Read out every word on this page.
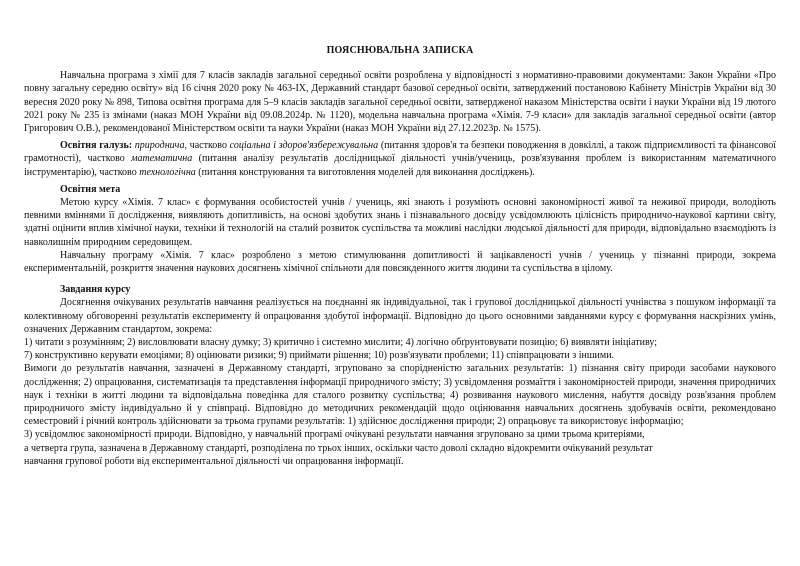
ПОЯСНЮВАЛЬНА ЗАПИСКА

Навчальна програма з хімії для 7 класів закладів загальної середньої освіти розроблена у відповідності з нормативно-правовими документами: Закон України «Про повну загальну середню освіту» від 16 січня 2020 року № 463-IX, Державний стандарт базової середньої освіти, затверджений постановою Кабінету Міністрів України від 30 вересня 2020 року № 898, Типова освітня програма для 5–9 класів закладів загальної середньої освіти, затвердженої наказом Міністерства освіти і науки України від 19 лютого 2021 року № 235 із змінами (наказ МОН України від 09.08.2024р. № 1120), модельна навчальна програма «Хімія. 7-9 класи» для закладів загальної середньої освіти (автор Григорович О.В.), рекомендованої Міністерством освіти та науки України (наказ МОН України від 27.12.2023р. № 1575).

Освітня галузь: природнича, частково соціальна і здоров'язбережувальна (питання здоров'я та безпеки поводження в довкіллі, а також підприємливості та фінансової грамотності), частково математична (питання аналізу результатів дослідницької діяльності учнів/учениць, розв'язування проблем із використанням математичного інструментарію), частково технологічна (питання конструювання та виготовлення моделей для виконання досліджень).

Освітня мета

Метою курсу «Хімія. 7 клас» є формування особистостей учнів / учениць, які знають і розуміють основні закономірності живої та неживої природи, володіють певними вміннями її дослідження, виявляють допитливість, на основі здобутих знань і пізнавального досвіду усвідомлюють цілісність природничо-наукової картини світу, здатні оцінити вплив хімічної науки, техніки й технологій на сталий розвиток суспільства та можливі наслідки людської діяльності для природи, відповідально взаємодіють із навколишнім природним середовищем.

Навчальну програму «Хімія. 7 клас» розроблено з метою стимулювання допитливості й зацікавленості учнів / учениць у пізнанні природи, зокрема експериментальній, розкриття значення наукових досягнень хімічної спільноти для повсякденного життя людини та суспільства в цілому.

Завдання курсу

Досягнення очікуваних результатів навчання реалізується на поєднанні як індивідуальної, так і групової дослідницької діяльності учнівства з пошуком інформації та колективному обговоренні результатів експерименту й опрацювання здобутої інформації. Відповідно до цього основними завданнями курсу є формування наскрізних умінь, означених Державним стандартом, зокрема:

1) читати з розумінням; 2) висловлювати власну думку; 3) критично і системно мислити; 4) логічно обґрунтовувати позицію; 6) виявляти ініціативу;

7) конструктивно керувати емоціями; 8) оцінювати ризики; 9) приймати рішення; 10) розв'язувати проблеми; 11) співпрацювати з іншими.

Вимоги до результатів навчання, зазначені в Державному стандарті, згруповано за спорідненістю загальних результатів: 1) пізнання світу природи засобами наукового дослідження; 2) опрацювання, систематизація та представлення інформації природничого змісту; 3) усвідомлення розмаїття і закономірностей природи, значення природничих наук і техніки в житті людини та відповідальна поведінка для сталого розвитку суспільства; 4) розвивання наукового мислення, набуття досвіду розв'язання проблем природничого змісту індивідуально й у співпраці. Відповідно до методичних рекомендацій щодо оцінювання навчальних досягнень здобувачів освіти, рекомендовано семестровий і річний контроль здійснювати за трьома групами результатів: 1) здійснює дослідження природи; 2) опрацьовує та використовує інформацію;

3) усвідомлює закономірності природи. Відповідно, у навчальній програмі очікувані результати навчання згруповано за цими трьома критеріями,

а четверта група, зазначена в Державному стандарті, розподілена по трьох інших, оскільки часто доволі складно відокремити очікуваний результат

навчання групової роботи від експериментальної діяльності чи опрацювання інформації.
